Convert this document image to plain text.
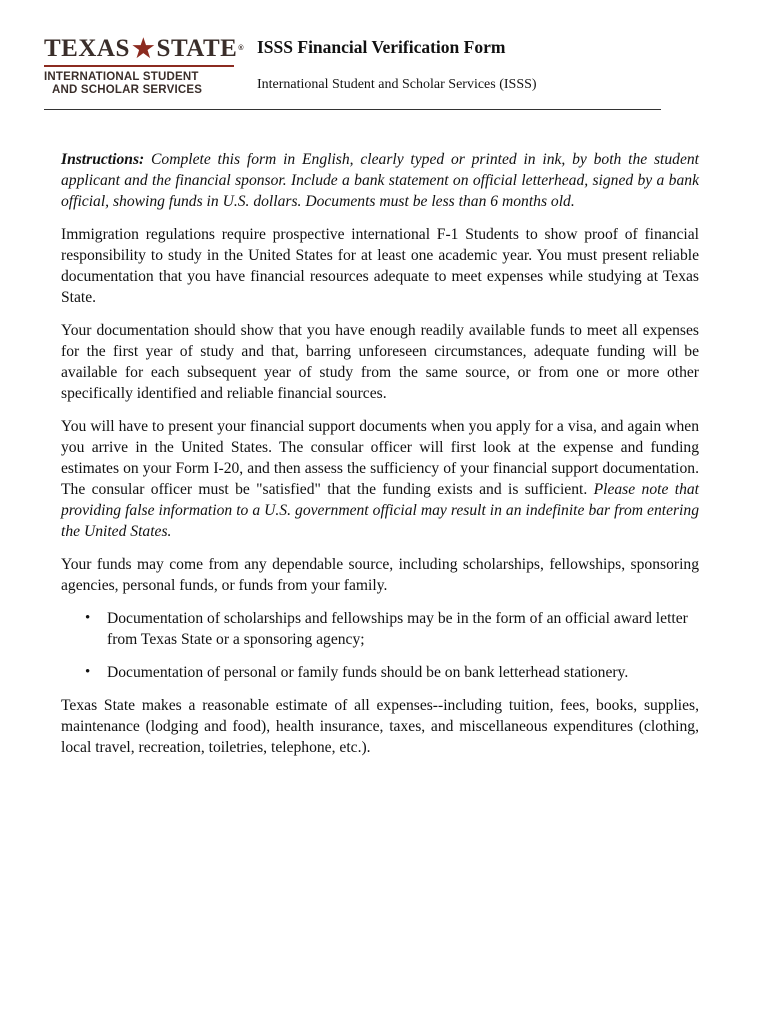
TEXAS STATE ®
INTERNATIONAL STUDENT
AND SCHOLAR SERVICES
ISSS Financial Verification Form
International Student and Scholar Services (ISSS)

Instructions: Complete this form in English, clearly typed or printed in ink, by both the student applicant and the financial sponsor. Include a bank statement on official letterhead, signed by a bank official, showing funds in U.S. dollars. Documents must be less than 6 months old.

Immigration regulations require prospective international F-1 Students to show proof of financial responsibility to study in the United States for at least one academic year. You must present reliable documentation that you have financial resources adequate to meet expenses while studying at Texas State.

Your documentation should show that you have enough readily available funds to meet all expenses for the first year of study and that, barring unforeseen circumstances, adequate funding will be available for each subsequent year of study from the same source, or from one or more other specifically identified and reliable financial sources.

You will have to present your financial support documents when you apply for a visa, and again when you arrive in the United States. The consular officer will first look at the expense and funding estimates on your Form I-20, and then assess the sufficiency of your financial support documentation. The consular officer must be "satisfied" that the funding exists and is sufficient. Please note that providing false information to a U.S. government official may result in an indefinite bar from entering the United States.

Your funds may come from any dependable source, including scholarships, fellowships, sponsoring agencies, personal funds, or funds from your family.

• Documentation of scholarships and fellowships may be in the form of an official award letter from Texas State or a sponsoring agency;
• Documentation of personal or family funds should be on bank letterhead stationery.

Texas State makes a reasonable estimate of all expenses--including tuition, fees, books, supplies, maintenance (lodging and food), health insurance, taxes, and miscellaneous expenditures (clothing, local travel, recreation, toiletries, telephone, etc.).
